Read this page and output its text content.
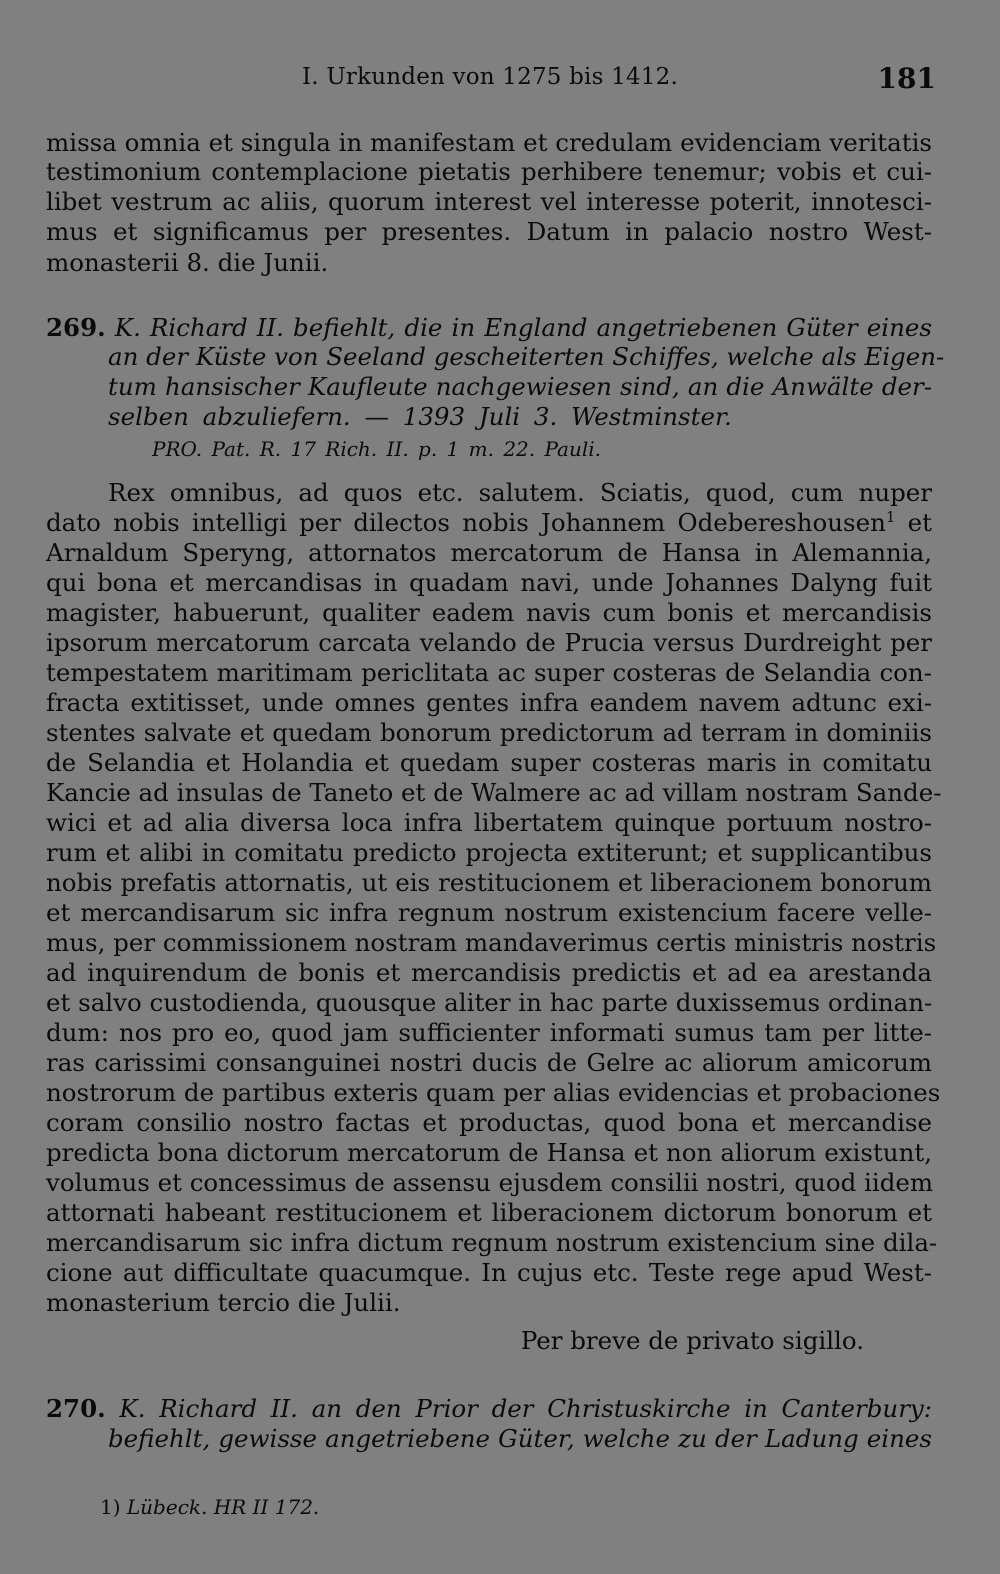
I. Urkunden von 1275 bis 1412.	181
missa omnia et singula in manifestam et credulam evidenciam veritatis
testimonium contemplacione pietatis perhibere tenemur; vobis et cui-
libet vestrum ac aliis, quorum interest vel interesse poterit, innotesci-
mus et significamus per presentes. Datum in palacio nostro West-
monasterii 8. die Junii.
269. K. Richard II. befiehlt, die in England angetriebenen Güter eines
an der Küste von Seeland gescheiterten Schiffes, welche als Eigen-
tum hansischer Kaufleute nachgewiesen sind, an die Anwälte der-
selben abzuliefern. — 1393 Juli 3. Westminster.
PRO. Pat. R. 17 Rich. II. p. 1 m. 22. Pauli.
Rex omnibus, ad quos etc. salutem. Sciatis, quod, cum nuper
dato nobis intelligi per dilectos nobis Johannem Odebereshousen$^1$ et
Arnaldum Speryng, attornatos mercatorum de Hansa in Alemannia,
qui bona et mercandisas in quadam navi, unde Johannes Dalyng fuit
magister, habuerunt, qualiter eadem navis cum bonis et mercandisis
ipsorum mercatorum carcata velando de Prucia versus Durdreight per
tempestatem maritimam periclitata ac super costeras de Selandia con-
fracta extitisset, unde omnes gentes infra eandem navem adtunc exi-
stentes salvate et quedam bonorum predictorum ad terram in dominiis
de Selandia et Holandia et quedam super costeras maris in comitatu
Kancie ad insulas de Taneto et de Walmere ac ad villam nostram Sande-
wici et ad alia diversa loca infra libertatem quinque portuum nostro-
rum et alibi in comitatu predicto projecta extiterunt; et supplicantibus
nobis prefatis attornatis, ut eis restitucionem et liberacionem bonorum
et mercandisarum sic infra regnum nostrum existencium facere velle-
mus, per commissionem nostram mandaverimus certis ministris nostris
ad inquirendum de bonis et mercandisis predictis et ad ea arestanda
et salvo custodienda, quousque aliter in hac parte duxissemus ordinan-
dum: nos pro eo, quod jam sufficienter informati sumus tam per litte-
ras carissimi consanguinei nostri ducis de Gelre ac aliorum amicorum
nostrorum de partibus exteris quam per alias evidencias et probaciones
coram consilio nostro factas et productas, quod bona et mercandise
predicta bona dictorum mercatorum de Hansa et non aliorum existunt,
volumus et concessimus de assensu ejusdem consilii nostri, quod iidem
attornati habeant restitucionem et liberacionem dictorum bonorum et
mercandisarum sic infra dictum regnum nostrum existencium sine dila-
cione aut difficultate quacumque. In cujus etc. Teste rege apud West-
monasterium tercio die Julii.
Per breve de privato sigillo.
270. K. Richard II. an den Prior der Christuskirche in Canterbury:
befiehlt, gewisse angetriebene Güter, welche zu der Ladung eines
1) Lübeck. HR II 172.
